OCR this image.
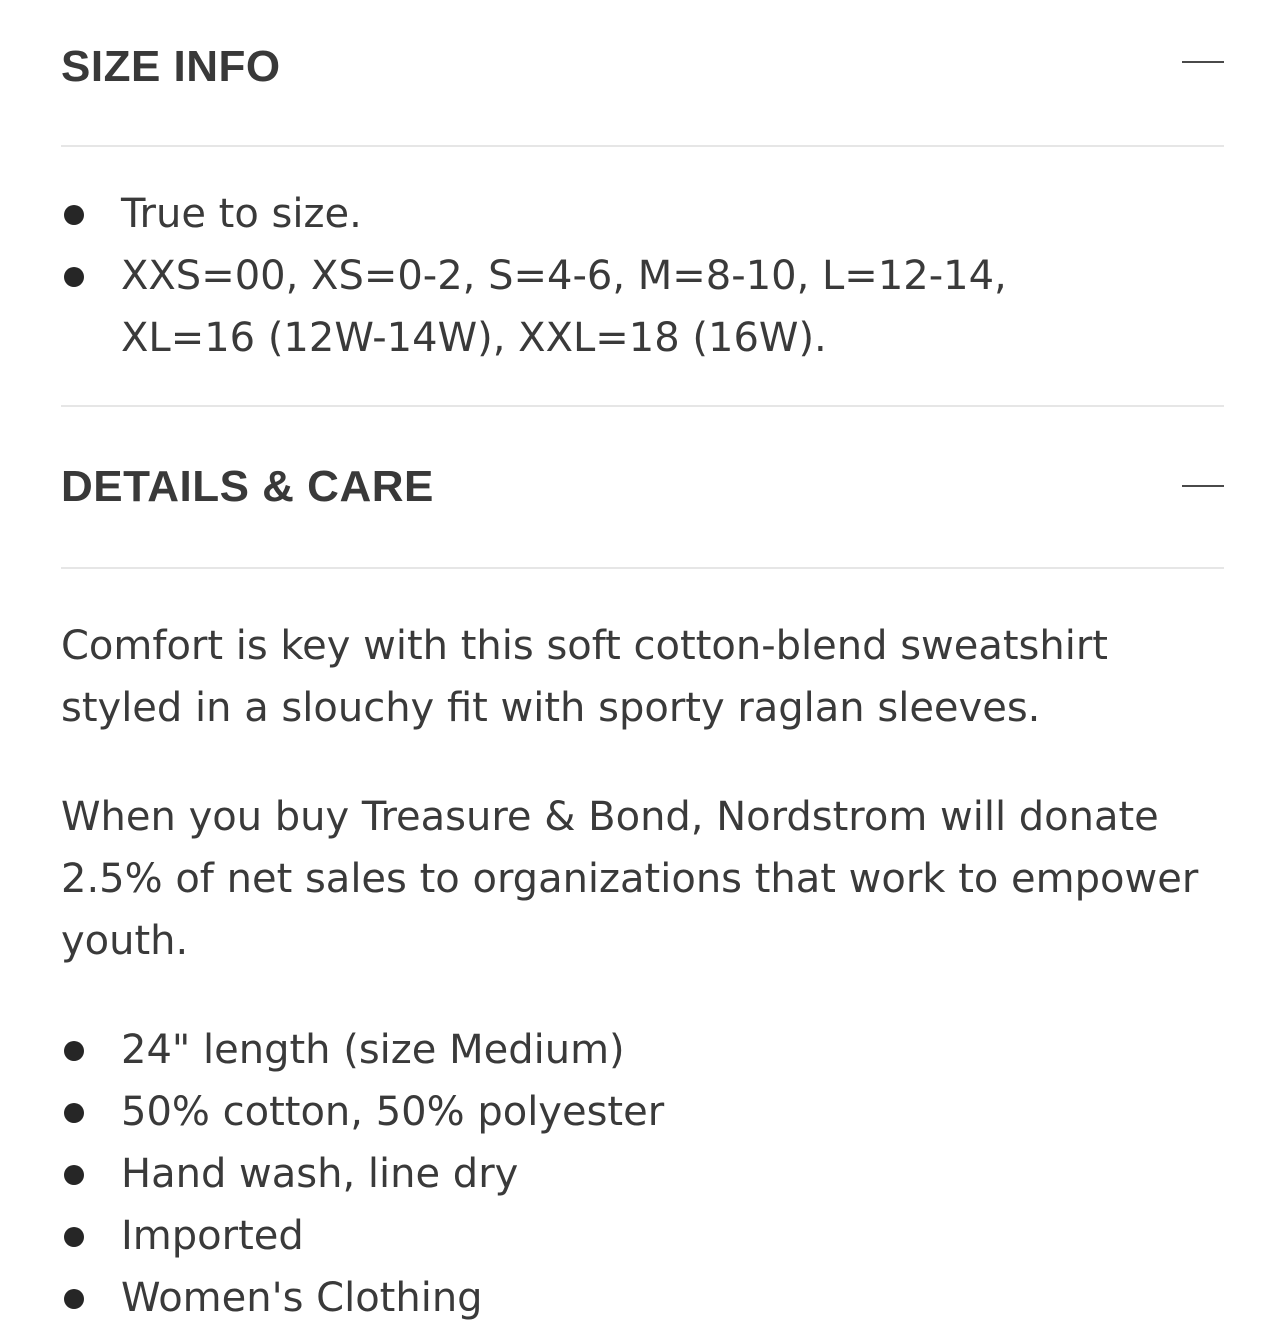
SIZE INFO
True to size.
XXS=00, XS=0-2, S=4-6, M=8-10, L=12-14, XL=16 (12W-14W), XXL=18 (16W).
DETAILS & CARE

Comfort is key with this soft cotton-blend sweatshirt styled in a slouchy fit with sporty raglan sleeves.

When you buy Treasure & Bond, Nordstrom will donate 2.5% of net sales to organizations that work to empower youth.

24" length (size Medium)
50% cotton, 50% polyester
Hand wash, line dry
Imported
Women's Clothing
